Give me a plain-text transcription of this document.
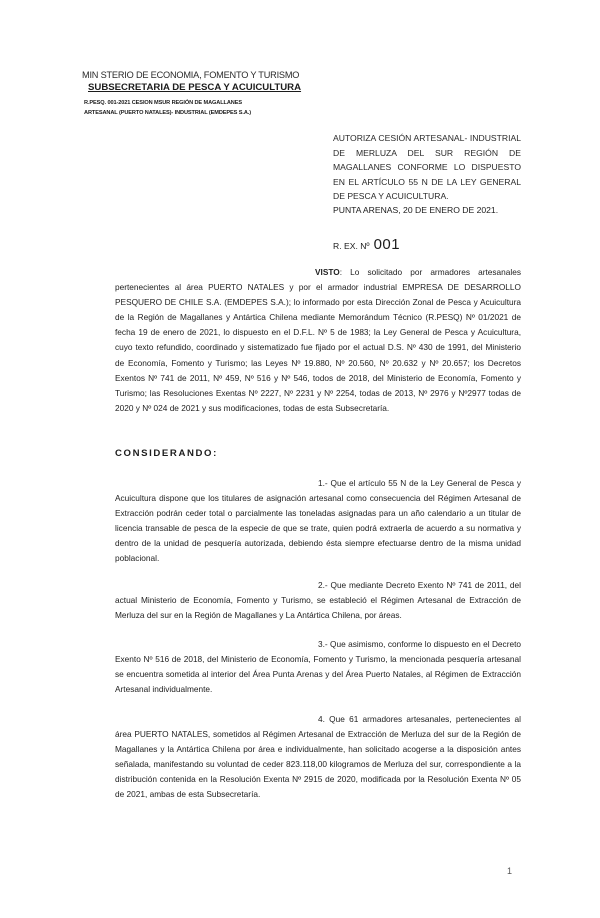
MIN STERIO DE ECONOMIA, FOMENTO Y TURISMO
SUBSECRETARIA DE PESCA Y ACUICULTURA
R.PESQ. 001-2021 CESION MSUR REGIÓN DE MAGALLANES
ARTESANAL (PUERTO NATALES)- INDUSTRIAL (EMDEPES S.A.)
AUTORIZA CESIÓN ARTESANAL- INDUSTRIAL DE MERLUZA DEL SUR REGIÓN DE MAGALLANES CONFORME LO DISPUESTO EN EL ARTÍCULO 55 N DE LA LEY GENERAL DE PESCA Y ACUICULTURA.
PUNTA ARENAS, 20 DE ENERO DE 2021.
R. EX. Nº 001
VISTO: Lo solicitado por armadores artesanales pertenecientes al área PUERTO NATALES y por el armador industrial EMPRESA DE DESARROLLO PESQUERO DE CHILE S.A. (EMDEPES S.A.); lo informado por esta Dirección Zonal de Pesca y Acuicultura de la Región de Magallanes y Antártica Chilena mediante Memorándum Técnico (R.PESQ) Nº 01/2021 de fecha 19 de enero de 2021, lo dispuesto en el D.F.L. Nº 5 de 1983; la Ley General de Pesca y Acuicultura, cuyo texto refundido, coordinado y sistematizado fue fijado por el actual D.S. Nº 430 de 1991, del Ministerio de Economía, Fomento y Turismo; las Leyes Nº 19.880, Nº 20.560, Nº 20.632 y Nº 20.657; los Decretos Exentos Nº 741 de 2011, Nº 459, Nº 516 y Nº 546, todos de 2018, del Ministerio de Economía, Fomento y Turismo; las Resoluciones Exentas Nº 2227, Nº 2231 y Nº 2254, todas de 2013, Nº 2976 y Nº2977 todas de 2020 y Nº 024 de 2021 y sus modificaciones, todas de esta Subsecretaría.
CONSIDERANDO:
1.- Que el artículo 55 N de la Ley General de Pesca y Acuicultura dispone que los titulares de asignación artesanal como consecuencia del Régimen Artesanal de Extracción podrán ceder total o parcialmente las toneladas asignadas para un año calendario a un titular de licencia transable de pesca de la especie de que se trate, quien podrá extraerla de acuerdo a su normativa y dentro de la unidad de pesquería autorizada, debiendo ésta siempre efectuarse dentro de la misma unidad poblacional.
2.- Que mediante Decreto Exento Nº 741 de 2011, del actual Ministerio de Economía, Fomento y Turismo, se estableció el Régimen Artesanal de Extracción de Merluza del sur en la Región de Magallanes y La Antártica Chilena, por áreas.
3.- Que asimismo, conforme lo dispuesto en el Decreto Exento Nº 516 de 2018, del Ministerio de Economía, Fomento y Turismo, la mencionada pesquería artesanal se encuentra sometida al interior del Área Punta Arenas y del Área Puerto Natales, al Régimen de Extracción Artesanal individualmente.
4. Que 61 armadores artesanales, pertenecientes al área PUERTO NATALES, sometidos al Régimen Artesanal de Extracción de Merluza del sur de la Región de Magallanes y la Antártica Chilena por área e individualmente, han solicitado acogerse a la disposición antes señalada, manifestando su voluntad de ceder 823.118,00 kilogramos de Merluza del sur, correspondiente a la distribución contenida en la Resolución Exenta Nº 2915 de 2020, modificada por la Resolución Exenta Nº 05 de 2021, ambas de esta Subsecretaría.
1
